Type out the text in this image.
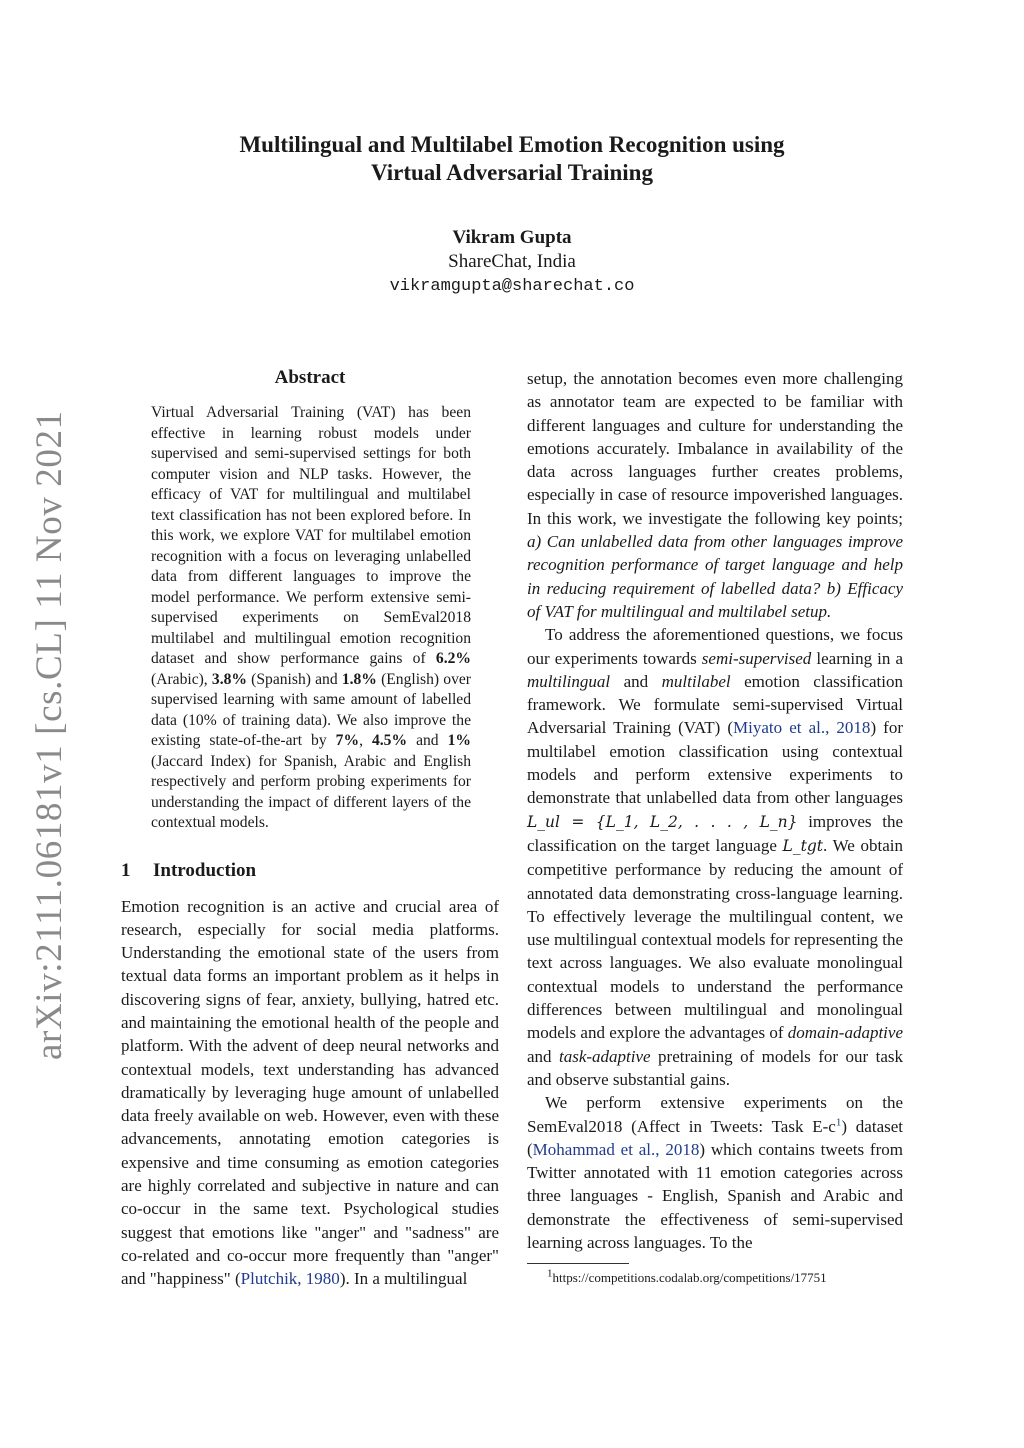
arXiv:2111.06181v1 [cs.CL] 11 Nov 2021
Multilingual and Multilabel Emotion Recognition using
Virtual Adversarial Training
Vikram Gupta
ShareChat, India
vikramgupta@sharechat.co
Abstract
Virtual Adversarial Training (VAT) has been effective in learning robust models under supervised and semi-supervised settings for both computer vision and NLP tasks. However, the efficacy of VAT for multilingual and multilabel text classification has not been explored before. In this work, we explore VAT for multilabel emotion recognition with a focus on leveraging unlabelled data from different languages to improve the model performance. We perform extensive semi-supervised experiments on SemEval2018 multilabel and multilingual emotion recognition dataset and show performance gains of 6.2% (Arabic), 3.8% (Spanish) and 1.8% (English) over supervised learning with same amount of labelled data (10% of training data). We also improve the existing state-of-the-art by 7%, 4.5% and 1% (Jaccard Index) for Spanish, Arabic and English respectively and perform probing experiments for understanding the impact of different layers of the contextual models.
1 Introduction

Emotion recognition is an active and crucial area of research, especially for social media platforms. Understanding the emotional state of the users from textual data forms an important problem as it helps in discovering signs of fear, anxiety, bullying, hatred etc. and maintaining the emotional health of the people and platform. With the advent of deep neural networks and contextual models, text understanding has advanced dramatically by leveraging huge amount of unlabelled data freely available on web. However, even with these advancements, annotating emotion categories is expensive and time consuming as emotion categories are highly correlated and subjective in nature and can co-occur in the same text. Psychological studies suggest that emotions like "anger" and "sadness" are co-related and co-occur more frequently than "anger" and "happiness" (Plutchik, 1980). In a multilingual

setup, the annotation becomes even more challenging as annotator team are expected to be familiar with different languages and culture for understanding the emotions accurately. Imbalance in availability of the data across languages further creates problems, especially in case of resource impoverished languages. In this work, we investigate the following key points; a) Can unlabelled data from other languages improve recognition performance of target language and help in reducing requirement of labelled data? b) Efficacy of VAT for multilingual and multilabel setup.

To address the aforementioned questions, we focus our experiments towards semi-supervised learning in a multilingual and multilabel emotion classification framework. We formulate semi-supervised Virtual Adversarial Training (VAT) (Miyato et al., 2018) for multilabel emotion classification using contextual models and perform extensive experiments to demonstrate that unlabelled data from other languages L_ul = {L_1, L_2, . . . , L_n} improves the classification on the target language L_tgt. We obtain competitive performance by reducing the amount of annotated data demonstrating cross-language learning. To effectively leverage the multilingual content, we use multilingual contextual models for representing the text across languages. We also evaluate monolingual contextual models to understand the performance differences between multilingual and monolingual models and explore the advantages of domain-adaptive and task-adaptive pretraining of models for our task and observe substantial gains.

We perform extensive experiments on the SemEval2018 (Affect in Tweets: Task E-c$^1$) dataset (Mohammad et al., 2018) which contains tweets from Twitter annotated with 11 emotion categories across three languages - English, Spanish and Arabic and demonstrate the effectiveness of semi-supervised learning across languages. To the

$^1$https://competitions.codalab.org/competitions/17751
